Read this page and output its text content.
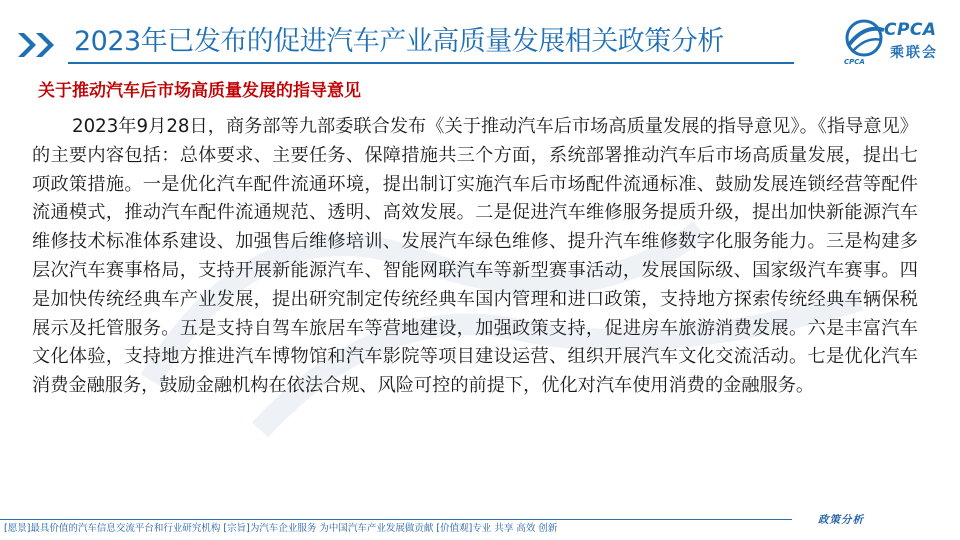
2023年已发布的促进汽车产业高质量发展相关政策分析
CPCA
CPCA
乘联会
关于推动汽车后市场高质量发展的指导意见
2023年9月28日，商务部等九部委联合发布《关于推动汽车后市场高质量发展的指导意见》。《指导意见》的主要内容包括：总体要求、主要任务、保障措施共三个方面，系统部署推动汽车后市场高质量发展，提出七项政策措施。一是优化汽车配件流通环境，提出制订实施汽车后市场配件流通标准、鼓励发展连锁经营等配件流通模式，推动汽车配件流通规范、透明、高效发展。二是促进汽车维修服务提质升级，提出加快新能源汽车维修技术标准体系建设、加强售后维修培训、发展汽车绿色维修、提升汽车维修数字化服务能力。三是构建多层次汽车赛事格局，支持开展新能源汽车、智能网联汽车等新型赛事活动，发展国际级、国家级汽车赛事。四是加快传统经典车产业发展，提出研究制定传统经典车国内管理和进口政策，支持地方探索传统经典车辆保税展示及托管服务。五是支持自驾车旅居车等营地建设，加强政策支持，促进房车旅游消费发展。六是丰富汽车文化体验，支持地方推进汽车博物馆和汽车影院等项目建设运营、组织开展汽车文化交流活动。七是优化汽车消费金融服务，鼓励金融机构在依法合规、风险可控的前提下，优化对汽车使用消费的金融服务。
[愿景]最具价值的汽车信息交流平台和行业研究机构 [宗旨]为汽车企业服务 为中国汽车产业发展做贡献 [价值观]专业 共享 高效 创新
政策分析
